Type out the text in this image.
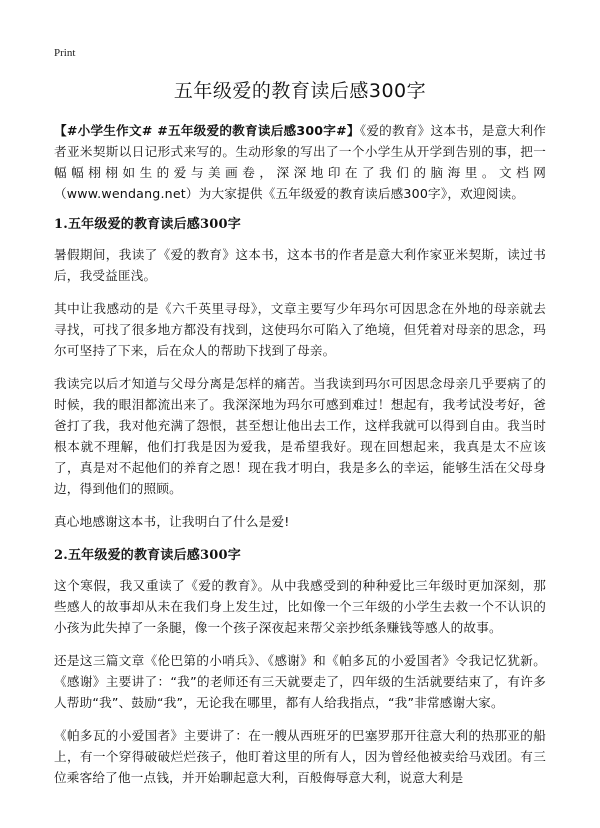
Print
五年级爱的教育读后感300字

【#小学生作文# #五年级爱的教育读后感300字#】《爱的教育》这本书，是意大利作者亚米契斯以日记形式来写的。生动形象的写出了一个小学生从开学到告别的事，把一幅幅栩栩如生的爱与美画卷，深深地印在了我们的脑海里。文档网（www.wendang.net）为大家提供《五年级爱的教育读后感300字》，欢迎阅读。

1.五年级爱的教育读后感300字

暑假期间，我读了《爱的教育》这本书，这本书的作者是意大利作家亚米契斯，读过书后，我受益匪浅。

其中让我感动的是《六千英里寻母》，文章主要写少年玛尔可因思念在外地的母亲就去寻找，可找了很多地方都没有找到，这使玛尔可陷入了绝境，但凭着对母亲的思念，玛尔可坚持了下来，后在众人的帮助下找到了母亲。

我读完以后才知道与父母分离是怎样的痛苦。当我读到玛尔可因思念母亲几乎要病了的时候，我的眼泪都流出来了。我深深地为玛尔可感到难过！想起有，我考试没考好，爸爸打了我，我对他充满了怨恨，甚至想让他出去工作，这样我就可以得到自由。我当时根本就不理解，他们打我是因为爱我，是希望我好。现在回想起来，我真是太不应该了，真是对不起他们的养育之恩！现在我才明白，我是多么的幸运，能够生活在父母身边，得到他们的照顾。

真心地感谢这本书，让我明白了什么是爱!

2.五年级爱的教育读后感300字

这个寒假，我又重读了《爱的教育》。从中我感受到的种种爱比三年级时更加深刻，那些感人的故事却从未在我们身上发生过，比如像一个三年级的小学生去救一个不认识的小孩为此失掉了一条腿，像一个孩子深夜起来帮父亲抄纸条赚钱等感人的故事。

还是这三篇文章《伦巴第的小哨兵》、《感谢》和《帕多瓦的小爱国者》令我记忆犹新。《感谢》主要讲了：“我”的老师还有三天就要走了，四年级的生活就要结束了，有许多人帮助“我”、鼓励“我”，无论我在哪里，都有人给我指点，“我”非常感谢大家。

《帕多瓦的小爱国者》主要讲了：在一艘从西班牙的巴塞罗那开往意大利的热那亚的船上，有一个穿得破破烂烂孩子，他盯着这里的所有人，因为曾经他被卖给马戏团。有三位乘客给了他一点钱，并开始聊起意大利，百般侮辱意大利，说意大利是
